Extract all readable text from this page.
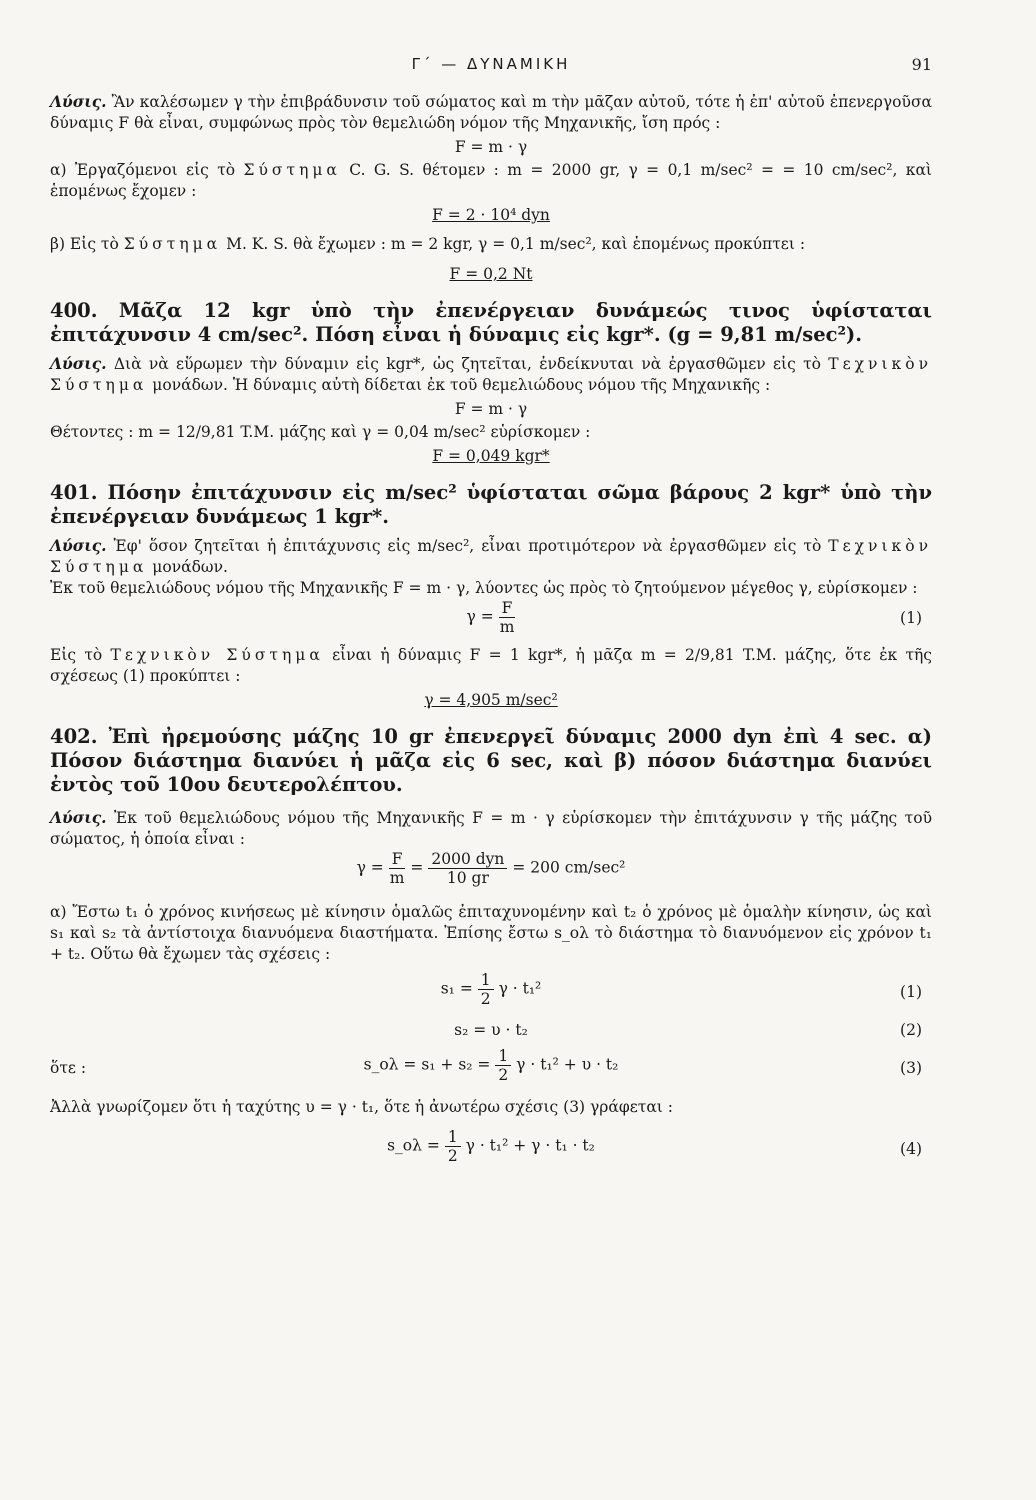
Γ΄ — ΔΥΝΑΜΙΚΗ	91

Λύσις. Ἂν καλέσωμεν γ τὴν ἐπιβράδυνσιν τοῦ σώματος καὶ m τὴν μᾶζαν αὐτοῦ, τότε ἡ ἐπ' αὐτοῦ ἐπενεργοῦσα δύναμις F θὰ εἶναι, συμφώνως πρὸς τὸν θεμελιώδη νόμον τῆς Μηχανικῆς, ἴση πρός :

F = m · γ

α) Ἐργαζόμενοι εἰς τὸ Σύστημα C. G. S. θέτομεν : m = 2000 gr, γ = 0,1 m/sec² = = 10 cm/sec², καὶ ἑπομένως ἔχομεν :

F = 2 · 10⁴ dyn

β) Εἰς τὸ Σύστημα M. K. S. θὰ ἔχωμεν : m = 2 kgr, γ = 0,1 m/sec², καὶ ἑπομένως προκύπτει :

F = 0,2 Nt

400. Μᾶζα 12 kgr ὑπὸ τὴν ἐπενέργειαν δυνάμεώς τινος ὑφίσταται ἐπιτάχυνσιν 4 cm/sec². Πόση εἶναι ἡ δύναμις εἰς kgr*. (g = 9,81 m/sec²).

Λύσις. Διὰ νὰ εὕρωμεν τὴν δύναμιν εἰς kgr*, ὡς ζητεῖται, ἐνδείκνυται νὰ ἐργασθῶμεν εἰς τὸ Τεχνικὸν Σύστημα μονάδων. Ἡ δύναμις αὐτὴ δίδεται ἐκ τοῦ θεμελιώδους νόμου τῆς Μηχανικῆς :

F = m · γ

Θέτοντες : m = 12/9,81 T.M. μάζης καὶ γ = 0,04 m/sec² εὑρίσκομεν :

F = 0,049 kgr*

401. Πόσην ἐπιτάχυνσιν εἰς m/sec² ὑφίσταται σῶμα βάρους 2 kgr* ὑπὸ τὴν ἐπενέργειαν δυνάμεως 1 kgr*.

Λύσις. Ἐφ' ὅσον ζητεῖται ἡ ἐπιτάχυνσις εἰς m/sec², εἶναι προτιμότερον νὰ ἐργασθῶμεν εἰς τὸ Τεχνικὸν Σύστημα μονάδων.

Ἐκ τοῦ θεμελιώδους νόμου τῆς Μηχανικῆς F = m · γ, λύοντες ὡς πρὸς τὸ ζητούμενον μέγεθος γ, εὑρίσκομεν :

$\gamma = \frac{F}{m}$	(1)

Εἰς τὸ Τεχνικὸν Σύστημα εἶναι ἡ δύναμις F = 1 kgr*, ἡ μᾶζα m = 2/9,81 T.M. μάζης, ὅτε ἐκ τῆς σχέσεως (1) προκύπτει :

γ = 4,905 m/sec²

402. Ἐπὶ ἠρεμούσης μάζης 10 gr ἐπενεργεῖ δύναμις 2000 dyn ἐπὶ 4 sec. α) Πόσον διάστημα διανύει ἡ μᾶζα εἰς 6 sec, καὶ β) πόσον διάστημα διανύει ἐντὸς τοῦ 10ου δευτερολέπτου.

Λύσις. Ἐκ τοῦ θεμελιώδους νόμου τῆς Μηχανικῆς F = m · γ εὑρίσκομεν τὴν ἐπιτάχυνσιν γ τῆς μάζης τοῦ σώματος, ἡ ὁποία εἶναι :

$\gamma = \frac{F}{m} = \frac{\text{2000 dyn}}{10 gr} = 200$ cm/sec²

α) Ἔστω t₁ ὁ χρόνος κινήσεως μὲ κίνησιν ὁμαλῶς ἐπιταχυνομένην καὶ t₂ ὁ χρόνος μὲ ὁμαλὴν κίνησιν, ὡς καὶ s₁ καὶ s₂ τὰ ἀντίστοιχα διανυόμενα διαστήματα. Ἐπίσης ἔστω s_ολ τὸ διάστημα τὸ διανυόμενον εἰς χρόνον t₁ + t₂. Οὕτω θὰ ἔχωμεν τὰς σχέσεις :

$s_1 = \frac{1}{2}$ γ · t₁²	(1)
s₂ = υ · t₂	(2)
ὅτε :	s_ολ = $s_1 + s_2 = \frac{1}{2}$ γ · t₁² + υ · t₂	(3)

Ἀλλὰ γνωρίζομεν ὅτι ἡ ταχύτης υ = γ · t₁, ὅτε ἡ ἀνωτέρω σχέσις (3) γράφεται :

s_ολ = $\frac{1}{2}$ γ · t₁² + γ · t₁ · t₂	(4)
